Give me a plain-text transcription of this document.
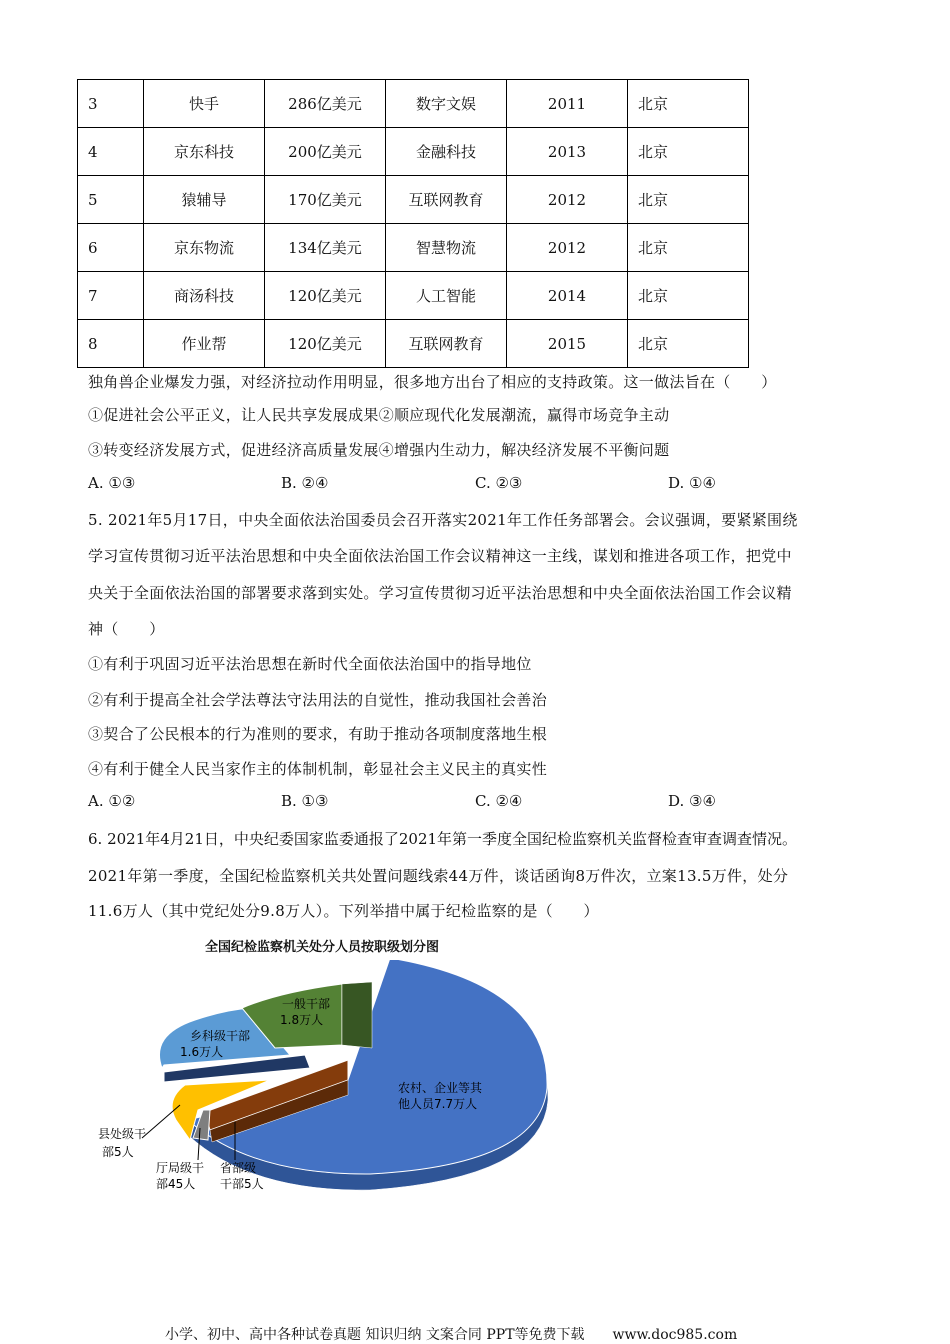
3	快手	286亿美元	数字文娱	2011	北京
4	京东科技	200亿美元	金融科技	2013	北京
5	猿辅导	170亿美元	互联网教育	2012	北京
6	京东物流	134亿美元	智慧物流	2012	北京
7	商汤科技	120亿美元	人工智能	2014	北京
8	作业帮	120亿美元	互联网教育	2015	北京
独角兽企业爆发力强，对经济拉动作用明显，很多地方出台了相应的支持政策。这一做法旨在（　　）
①促进社会公平正义，让人民共享发展成果②顺应现代化发展潮流，赢得市场竞争主动
③转变经济发展方式，促进经济高质量发展④增强内生动力，解决经济发展不平衡问题
A. ①③	B. ②④	C. ②③	D. ①④
5. 2021年5月17日，中央全面依法治国委员会召开落实2021年工作任务部署会。会议强调，要紧紧围绕
学习宣传贯彻习近平法治思想和中央全面依法治国工作会议精神这一主线，谋划和推进各项工作，把党中
央关于全面依法治国的部署要求落到实处。学习宣传贯彻习近平法治思想和中央全面依法治国工作会议精
神（　　）
①有利于巩固习近平法治思想在新时代全面依法治国中的指导地位
②有利于提高全社会学法尊法守法用法的自觉性，推动我国社会善治
③契合了公民根本的行为准则的要求，有助于推动各项制度落地生根
④有利于健全人民当家作主的体制机制，彰显社会主义民主的真实性
A. ①②	B. ①③	C. ②④	D. ③④
6. 2021年4月21日，中央纪委国家监委通报了2021年第一季度全国纪检监察机关监督检查审查调查情况。
2021年第一季度，全国纪检监察机关共处置问题线索44万件，谈话函询8万件次，立案13.5万件，处分
11.6万人（其中党纪处分9.8万人）。下列举措中属于纪检监察的是（　　）
全国纪检监察机关处分人员按职级划分图
一般干部
1.8万人
乡科级干部
1.6万人
农村、企业等其
他人员7.7万人
县处级干
部5人
厅局级干
部45人
省部级
干部5人
小学、初中、高中各种试卷真题 知识归纳 文案合同 PPT等免费下载　　www.doc985.com
